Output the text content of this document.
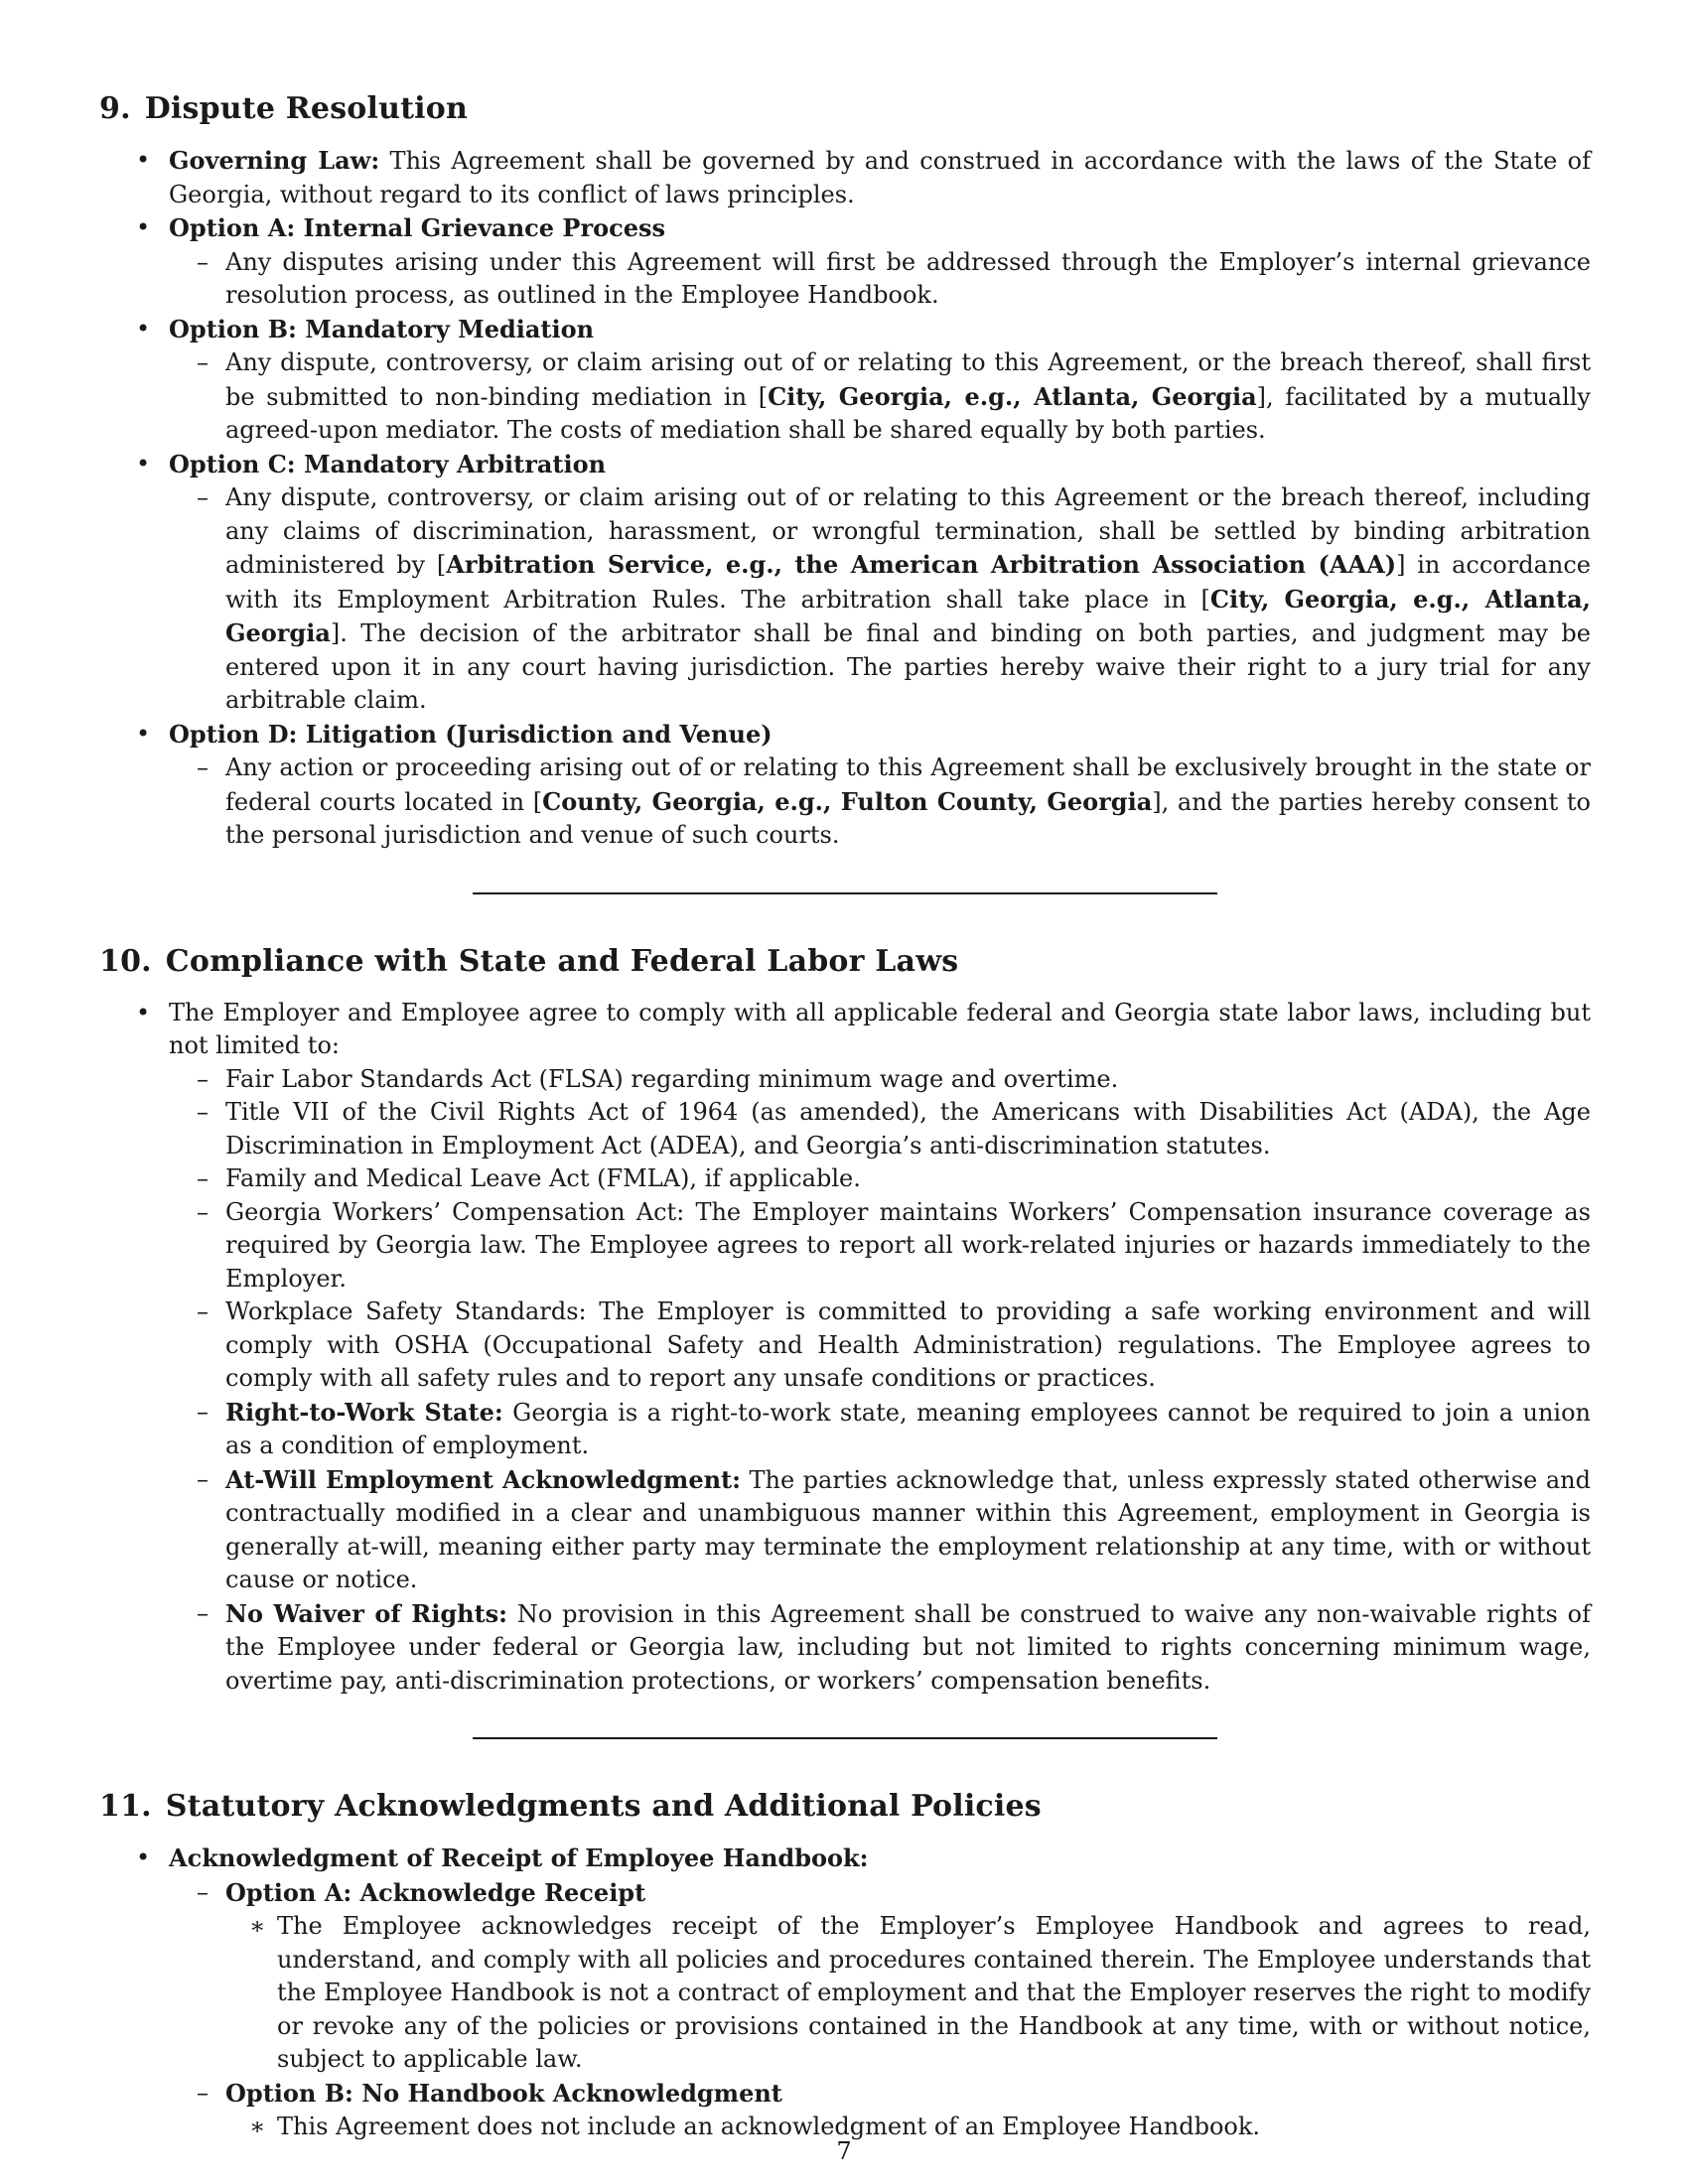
9. Dispute Resolution
• Governing Law: This Agreement shall be governed by and construed in accordance with the laws of the State of Georgia, without regard to its conflict of laws principles.
• Option A: Internal Grievance Process
– Any disputes arising under this Agreement will first be addressed through the Employer’s internal grievance resolution process, as outlined in the Employee Handbook.
• Option B: Mandatory Mediation
– Any dispute, controversy, or claim arising out of or relating to this Agreement, or the breach thereof, shall first be submitted to non-binding mediation in [City, Georgia, e.g., Atlanta, Georgia], facilitated by a mutually agreed-upon mediator. The costs of mediation shall be shared equally by both parties.
• Option C: Mandatory Arbitration
– Any dispute, controversy, or claim arising out of or relating to this Agreement or the breach thereof, including any claims of discrimination, harassment, or wrongful termination, shall be settled by binding arbitration administered by [Arbitration Service, e.g., the American Arbitration Association (AAA)] in accordance with its Employment Arbitration Rules. The arbitration shall take place in [City, Georgia, e.g., Atlanta, Georgia]. The decision of the arbitrator shall be final and binding on both parties, and judgment may be entered upon it in any court having jurisdiction. The parties hereby waive their right to a jury trial for any arbitrable claim.
• Option D: Litigation (Jurisdiction and Venue)
– Any action or proceeding arising out of or relating to this Agreement shall be exclusively brought in the state or federal courts located in [County, Georgia, e.g., Fulton County, Georgia], and the parties hereby consent to the personal jurisdiction and venue of such courts.
10. Compliance with State and Federal Labor Laws
• The Employer and Employee agree to comply with all applicable federal and Georgia state labor laws, including but not limited to:
– Fair Labor Standards Act (FLSA) regarding minimum wage and overtime.
– Title VII of the Civil Rights Act of 1964 (as amended), the Americans with Disabilities Act (ADA), the Age Discrimination in Employment Act (ADEA), and Georgia’s anti-discrimination statutes.
– Family and Medical Leave Act (FMLA), if applicable.
– Georgia Workers’ Compensation Act: The Employer maintains Workers’ Compensation insurance coverage as required by Georgia law. The Employee agrees to report all work-related injuries or hazards immediately to the Employer.
– Workplace Safety Standards: The Employer is committed to providing a safe working environment and will comply with OSHA (Occupational Safety and Health Administration) regulations. The Employee agrees to comply with all safety rules and to report any unsafe conditions or practices.
– Right-to-Work State: Georgia is a right-to-work state, meaning employees cannot be required to join a union as a condition of employment.
– At-Will Employment Acknowledgment: The parties acknowledge that, unless expressly stated otherwise and contractually modified in a clear and unambiguous manner within this Agreement, employment in Georgia is generally at-will, meaning either party may terminate the employment relationship at any time, with or without cause or notice.
– No Waiver of Rights: No provision in this Agreement shall be construed to waive any non-waivable rights of the Employee under federal or Georgia law, including but not limited to rights concerning minimum wage, overtime pay, anti-discrimination protections, or workers’ compensation benefits.
11. Statutory Acknowledgments and Additional Policies
• Acknowledgment of Receipt of Employee Handbook:
– Option A: Acknowledge Receipt
∗ The Employee acknowledges receipt of the Employer’s Employee Handbook and agrees to read, understand, and comply with all policies and procedures contained therein. The Employee understands that the Employee Handbook is not a contract of employment and that the Employer reserves the right to modify or revoke any of the policies or provisions contained in the Handbook at any time, with or without notice, subject to applicable law.
– Option B: No Handbook Acknowledgment
∗ This Agreement does not include an acknowledgment of an Employee Handbook.
7
